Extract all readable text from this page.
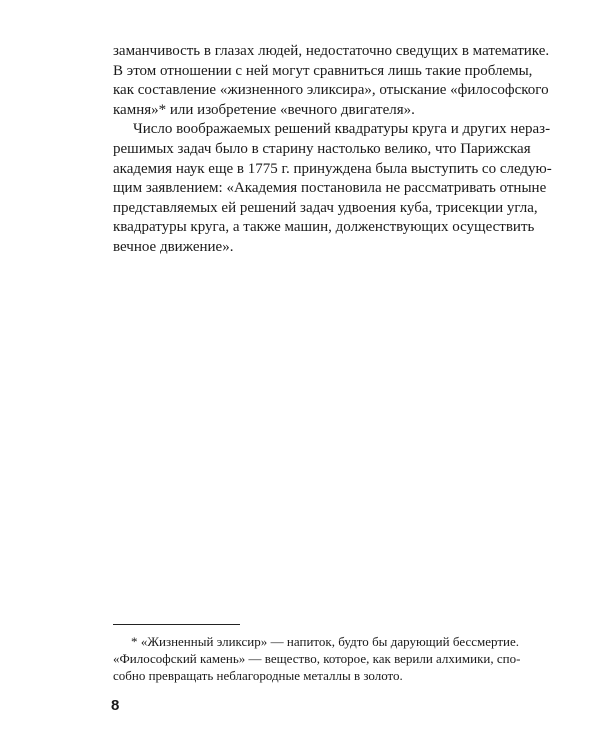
заманчивость в глазах людей, недостаточно сведущих в математике.
В этом отношении с ней могут сравниться лишь такие проблемы,
как составление «жизненного эликсира», отыскание «философского
камня»* или изобретение «вечного двигателя».

Число воображаемых решений квадратуры круга и других нераз-
решимых задач было в старину настолько велико, что Парижская
академия наук еще в 1775 г. принуждена была выступить со следую-
щим заявлением: «Академия постановила не рассматривать отныне
представляемых ей решений задач удвоения куба, трисекции угла,
квадратуры круга, а также машин, долженствующих осуществить
вечное движение».

* «Жизненный эликсир» — напиток, будто бы дарующий бессмертие.
«Философский камень» — вещество, которое, как верили алхимики, спо-
собно превращать неблагородные металлы в золото.
8
